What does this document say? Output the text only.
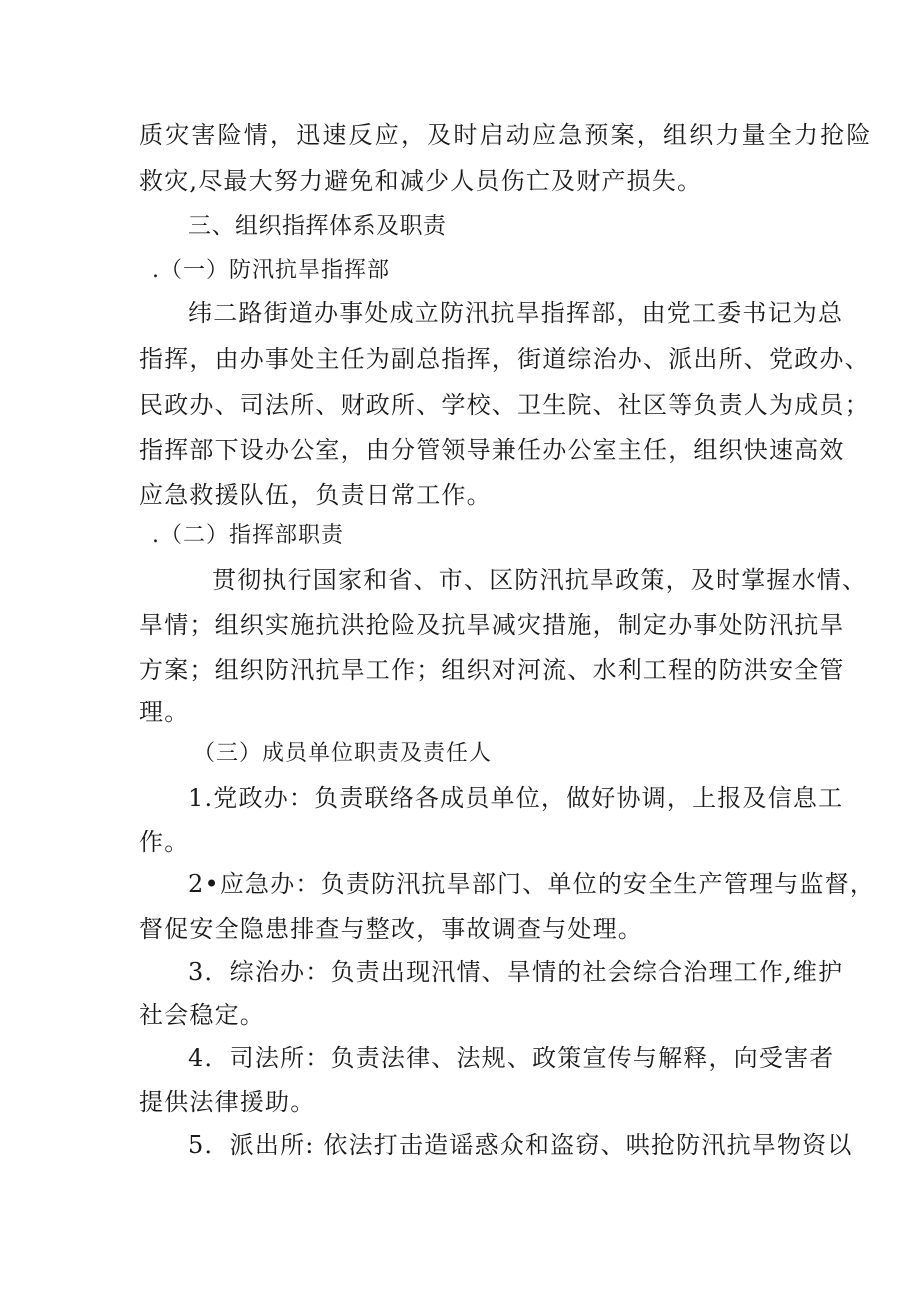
质灾害险情，迅速反应，及时启动应急预案，组织力量全力抢险
救灾,尽最大努力避免和减少人员伤亡及财产损失。
三、组织指挥体系及职责
.（一）防汛抗旱指挥部
纬二路街道办事处成立防汛抗旱指挥部，由党工委书记为总
指挥，由办事处主任为副总指挥，街道综治办、派出所、党政办、
民政办、司法所、财政所、学校、卫生院、社区等负责人为成员；
指挥部下设办公室，由分管领导兼任办公室主任，组织快速高效
应急救援队伍，负责日常工作。
.（二）指挥部职责
贯彻执行国家和省、市、区防汛抗旱政策，及时掌握水情、
旱情；组织实施抗洪抢险及抗旱减灾措施，制定办事处防汛抗旱
方案；组织防汛抗旱工作；组织对河流、水利工程的防洪安全管
理。
（三）成员单位职责及责任人
1.党政办：负责联络各成员单位，做好协调，上报及信息工
作。
2•应急办：负责防汛抗旱部门、单位的安全生产管理与监督，
督促安全隐患排查与整改，事故调查与处理。
3．综治办：负责出现汛情、旱情的社会综合治理工作,维护
社会稳定。
4．司法所：负责法律、法规、政策宣传与解释，向受害者
提供法律援助。
5．派出所: 依法打击造谣惑众和盗窃、哄抢防汛抗旱物资以
